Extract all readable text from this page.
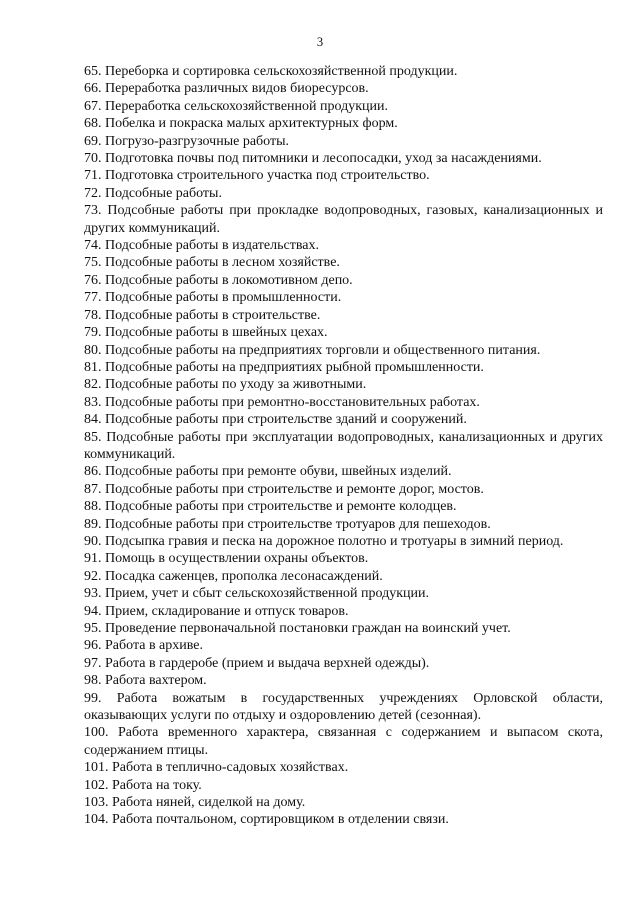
3
65. Переборка и сортировка сельскохозяйственной продукции.
66. Переработка различных видов биоресурсов.
67. Переработка сельскохозяйственной продукции.
68. Побелка и покраска малых архитектурных форм.
69. Погрузо-разгрузочные работы.
70. Подготовка почвы под питомники и лесопосадки, уход за насаждениями.
71. Подготовка строительного участка под строительство.
72. Подсобные работы.
73. Подсобные работы при прокладке водопроводных, газовых, канализационных и других коммуникаций.
74. Подсобные работы в издательствах.
75. Подсобные работы в лесном хозяйстве.
76. Подсобные работы в локомотивном депо.
77. Подсобные работы в промышленности.
78. Подсобные работы в строительстве.
79. Подсобные работы в швейных цехах.
80. Подсобные работы на предприятиях торговли и общественного питания.
81. Подсобные работы на предприятиях рыбной промышленности.
82. Подсобные работы по уходу за животными.
83. Подсобные работы при ремонтно-восстановительных работах.
84. Подсобные работы при строительстве зданий и сооружений.
85. Подсобные работы при эксплуатации водопроводных, канализационных и других коммуникаций.
86. Подсобные работы при ремонте обуви, швейных изделий.
87. Подсобные работы при строительстве и ремонте дорог, мостов.
88. Подсобные работы при строительстве и ремонте колодцев.
89. Подсобные работы при строительстве тротуаров для пешеходов.
90. Подсыпка гравия и песка на дорожное полотно и тротуары в зимний период.
91. Помощь в осуществлении охраны объектов.
92. Посадка саженцев, прополка лесонасаждений.
93. Прием, учет и сбыт сельскохозяйственной продукции.
94. Прием, складирование и отпуск товаров.
95. Проведение первоначальной постановки граждан на воинский учет.
96. Работа в архиве.
97. Работа в гардеробе (прием и выдача верхней одежды).
98. Работа вахтером.
99. Работа вожатым в государственных учреждениях Орловской области, оказывающих услуги по отдыху и оздоровлению детей (сезонная).
100. Работа временного характера, связанная с содержанием и выпасом скота, содержанием птицы.
101. Работа в теплично-садовых хозяйствах.
102. Работа на току.
103. Работа няней, сиделкой на дому.
104. Работа почтальоном, сортировщиком в отделении связи.
